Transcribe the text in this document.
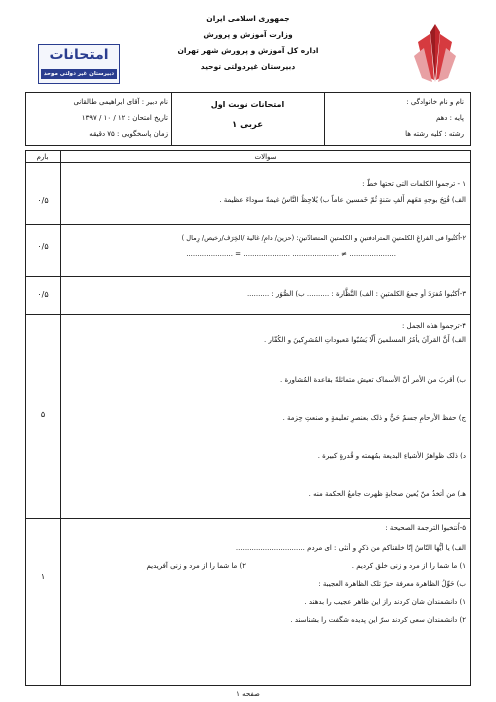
جمهوری اسلامی ایران
وزارت آموزش و پرورش
اداره کل آموزش و پرورش شهر تهران
دبیرستان غیردولتی توحید
امتحانات
دبیرستان غیر دولتی موحد
نام و نام خانوادگی :
پایه : دهم
رشته : کلیه رشته ها
امتحانات نوبت اول
عربی ۱
نام دبیر : آقای ابراهیمی طالقانی
تاریخ امتحان : ۱۲ / ۱۰ / ۱۳۹۷
زمان پاسخگویی : ۷۵ دقیقه
بارم	سوالات
۱ - ترجموا الکلمات التی تحتها خطّ :
الف) فُتِحَ بوجهِ مَعَهم أَلفِ سَنةٍ ثُمّ خَمسین عاماً ب) یُلاحِظُ النَّاسُ غیمةً سوداءَ عظیمة .
۰/۵
۲-اُکتُبوا فی الفراغِ الکلمتینِ المترادفتینِ و الکلمتینِ المتضادّتینِ: (حزین/ دامِ/ غالیة /الخِرَف/رخیص/ رِمال )
..................... = ..................... ..................... ≠ .....................
۰/۵
۳-اُکتُبوا مُفرَدَ أو جمعَ الکلمتینِ : الف) النَّظَّارة : .......... ب) الصُّوَر : ..........
۰/۵
۴-ترجموا هذه الجمل :
الف) أَنَّ القرآنَ یأمُرُ المسلمینَ أَلّا یَسُبّوا مَعبوداتِ المُشرِکینَ و الکُفّار .
ب) أقربَ من الأمر أنّ الأسماک تعیش متماثلةً بقاعدة المُشاورة .
ج) حفظ الأرحامِ جسمٌ حَيٌّ و ذلک بعنصرِ تعلیمةٍ و صنعتِ حِزمة .
د) ذلک ظواهرُ الأشیاءِ البدیعة بمُهمته و قُدرةٍ کبیرة .
هـ) من أتخذُ منّ یُعین صحابةٍ ظهرت جامعُ الحکمة منه .
۵
۵-اُنتخبوا الترجمة الصحیحة :
الف) یا أیُّها النّاسُ إنّا خلقناکم من ذکرٍ و أنثی : ای مردم ...............................
۱) ما شما را از مرد و زنی خلق کردیم .
۲) ما شما را از مرد و زنی آفریدیم
ب) حَوِّلُ الظاهرة معرفة حیرٌ تلک الظاهرة العجیبة :
۱) دانشمندان شان کردند راز این ظاهر عجیب را بدهند .
۲) دانشمندان سعی کردند سرّ این پدیده شگفت را بشناسند .
۱
صفحه ۱
